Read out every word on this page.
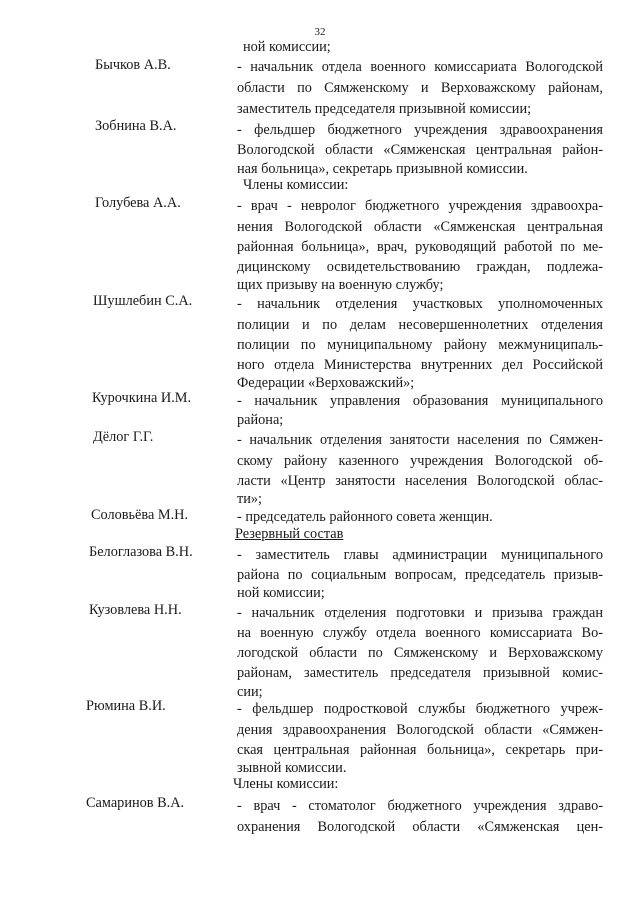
32
ной комиссии;
Бычков А.В.	- начальник отдела военного комиссариата Вологодской
области по Сямженскому и Верховажскому районам,
заместитель председателя призывной комиссии;
Зобнина В.А.	- фельдшер бюджетного учреждения здравоохранения
Вологодской области «Сямженская центральная район-
ная больница», секретарь призывной комиссии.
Члены комиссии:
Голубева А.А.	- врач - невролог бюджетного учреждения здравоохра-
нения Вологодской области «Сямженская центральная
районная больница», врач, руководящий работой по ме-
дицинскому освидетельствованию граждан, подлежа-
щих призыву на военную службу;
Шушлебин С.А.	- начальник отделения участковых уполномоченных
полиции и по делам несовершеннолетних отделения
полиции по муниципальному району межмуниципаль-
ного отдела Министерства внутренних дел Российской
Федерации «Верховажский»;
Курочкина И.М.	- начальник управления образования муниципального
района;
Дёлог Г.Г.	- начальник отделения занятости населения по Сямжен-
скому району казенного учреждения Вологодской об-
ласти «Центр занятости населения Вологодской облас-
ти»;
Соловьёва М.Н.	- председатель районного совета женщин.
Резервный состав
Белоглазова В.Н.	- заместитель главы администрации муниципального
района по социальным вопросам, председатель призыв-
ной комиссии;
Кузовлева Н.Н.	- начальник отделения подготовки и призыва граждан
на военную службу отдела военного комиссариата Во-
логодской области по Сямженскому и Верховажскому
районам, заместитель председателя призывной комис-
сии;
Рюмина В.И.	- фельдшер подростковой службы бюджетного учреж-
дения здравоохранения Вологодской области «Сямжен-
ская центральная районная больница», секретарь при-
зывной комиссии.
Члены комиссии:
Самаринов В.А.	- врач - стоматолог бюджетного учреждения здраво-
охранения Вологодской области «Сямженская цен-
